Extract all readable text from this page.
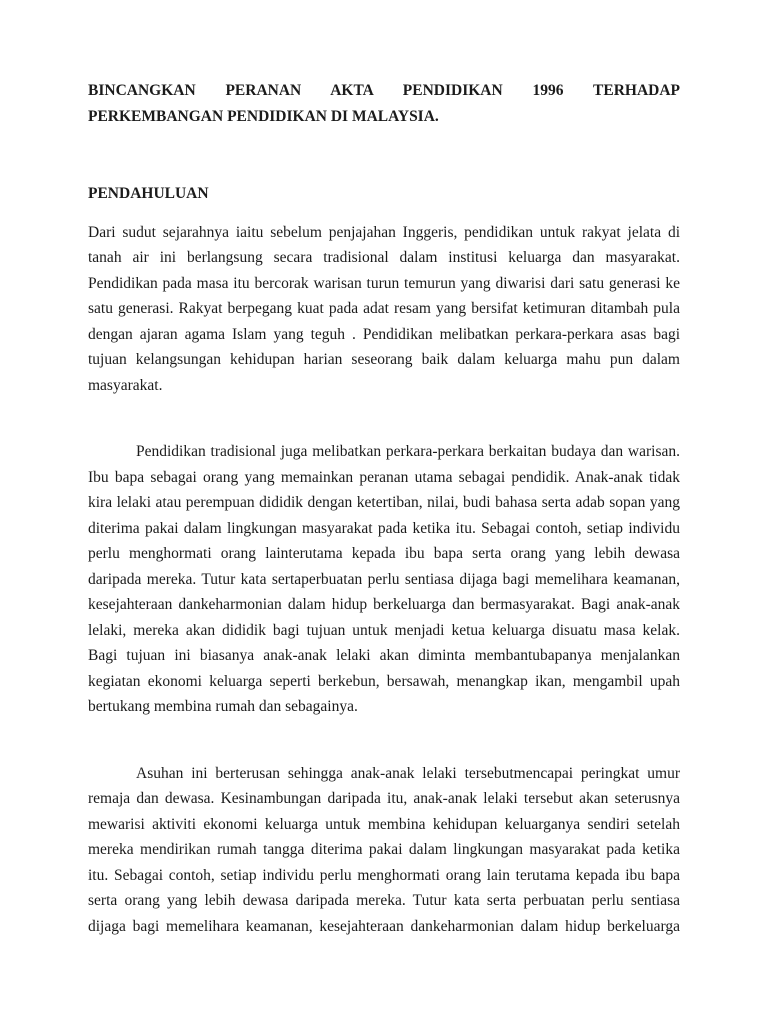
BINCANGKAN PERANAN AKTA PENDIDIKAN 1996 TERHADAP
PERKEMBANGAN PENDIDIKAN DI MALAYSIA.
PENDAHULUAN
Dari sudut sejarahnya iaitu sebelum penjajahan Inggeris, pendidikan untuk rakyat jelata di
tanah air ini berlangsung secara tradisional dalam institusi keluarga dan masyarakat.
Pendidikan pada masa itu bercorak warisan turun temurun yang diwarisi dari satu generasi ke
satu generasi. Rakyat berpegang kuat pada adat resam yang bersifat ketimuran ditambah pula
dengan ajaran agama Islam yang teguh . Pendidikan melibatkan perkara-perkara asas bagi
tujuan kelangsungan kehidupan harian seseorang baik dalam keluarga mahu pun dalam
masyarakat.
Pendidikan tradisional juga melibatkan perkara-perkara berkaitan budaya dan warisan.
Ibu bapa sebagai orang yang memainkan peranan utama sebagai pendidik. Anak-anak tidak
kira lelaki atau perempuan dididik dengan ketertiban, nilai, budi bahasa serta adab sopan yang
diterima pakai dalam lingkungan masyarakat pada ketika itu. Sebagai contoh, setiap individu
perlu menghormati orang lainterutama kepada ibu bapa serta orang yang lebih dewasa
daripada mereka. Tutur kata sertaperbuatan perlu sentiasa dijaga bagi memelihara keamanan,
kesejahteraan dankeharmonian dalam hidup berkeluarga dan bermasyarakat. Bagi anak-anak
lelaki, mereka akan dididik bagi tujuan untuk menjadi ketua keluarga disuatu masa kelak.
Bagi tujuan ini biasanya anak-anak lelaki akan diminta membantubapanya menjalankan
kegiatan ekonomi keluarga seperti berkebun, bersawah, menangkap ikan, mengambil upah
bertukang membina rumah dan sebagainya.
Asuhan ini berterusan sehingga anak-anak lelaki tersebutmencapai peringkat umur
remaja dan dewasa. Kesinambungan daripada itu, anak-anak lelaki tersebut akan seterusnya
mewarisi aktiviti ekonomi keluarga untuk membina kehidupan keluarganya sendiri setelah
mereka mendirikan rumah tangga diterima pakai dalam lingkungan masyarakat pada ketika
itu. Sebagai contoh, setiap individu perlu menghormati orang lain terutama kepada ibu bapa
serta orang yang lebih dewasa daripada mereka. Tutur kata serta perbuatan perlu sentiasa
dijaga bagi memelihara keamanan, kesejahteraan dankeharmonian dalam hidup berkeluarga
